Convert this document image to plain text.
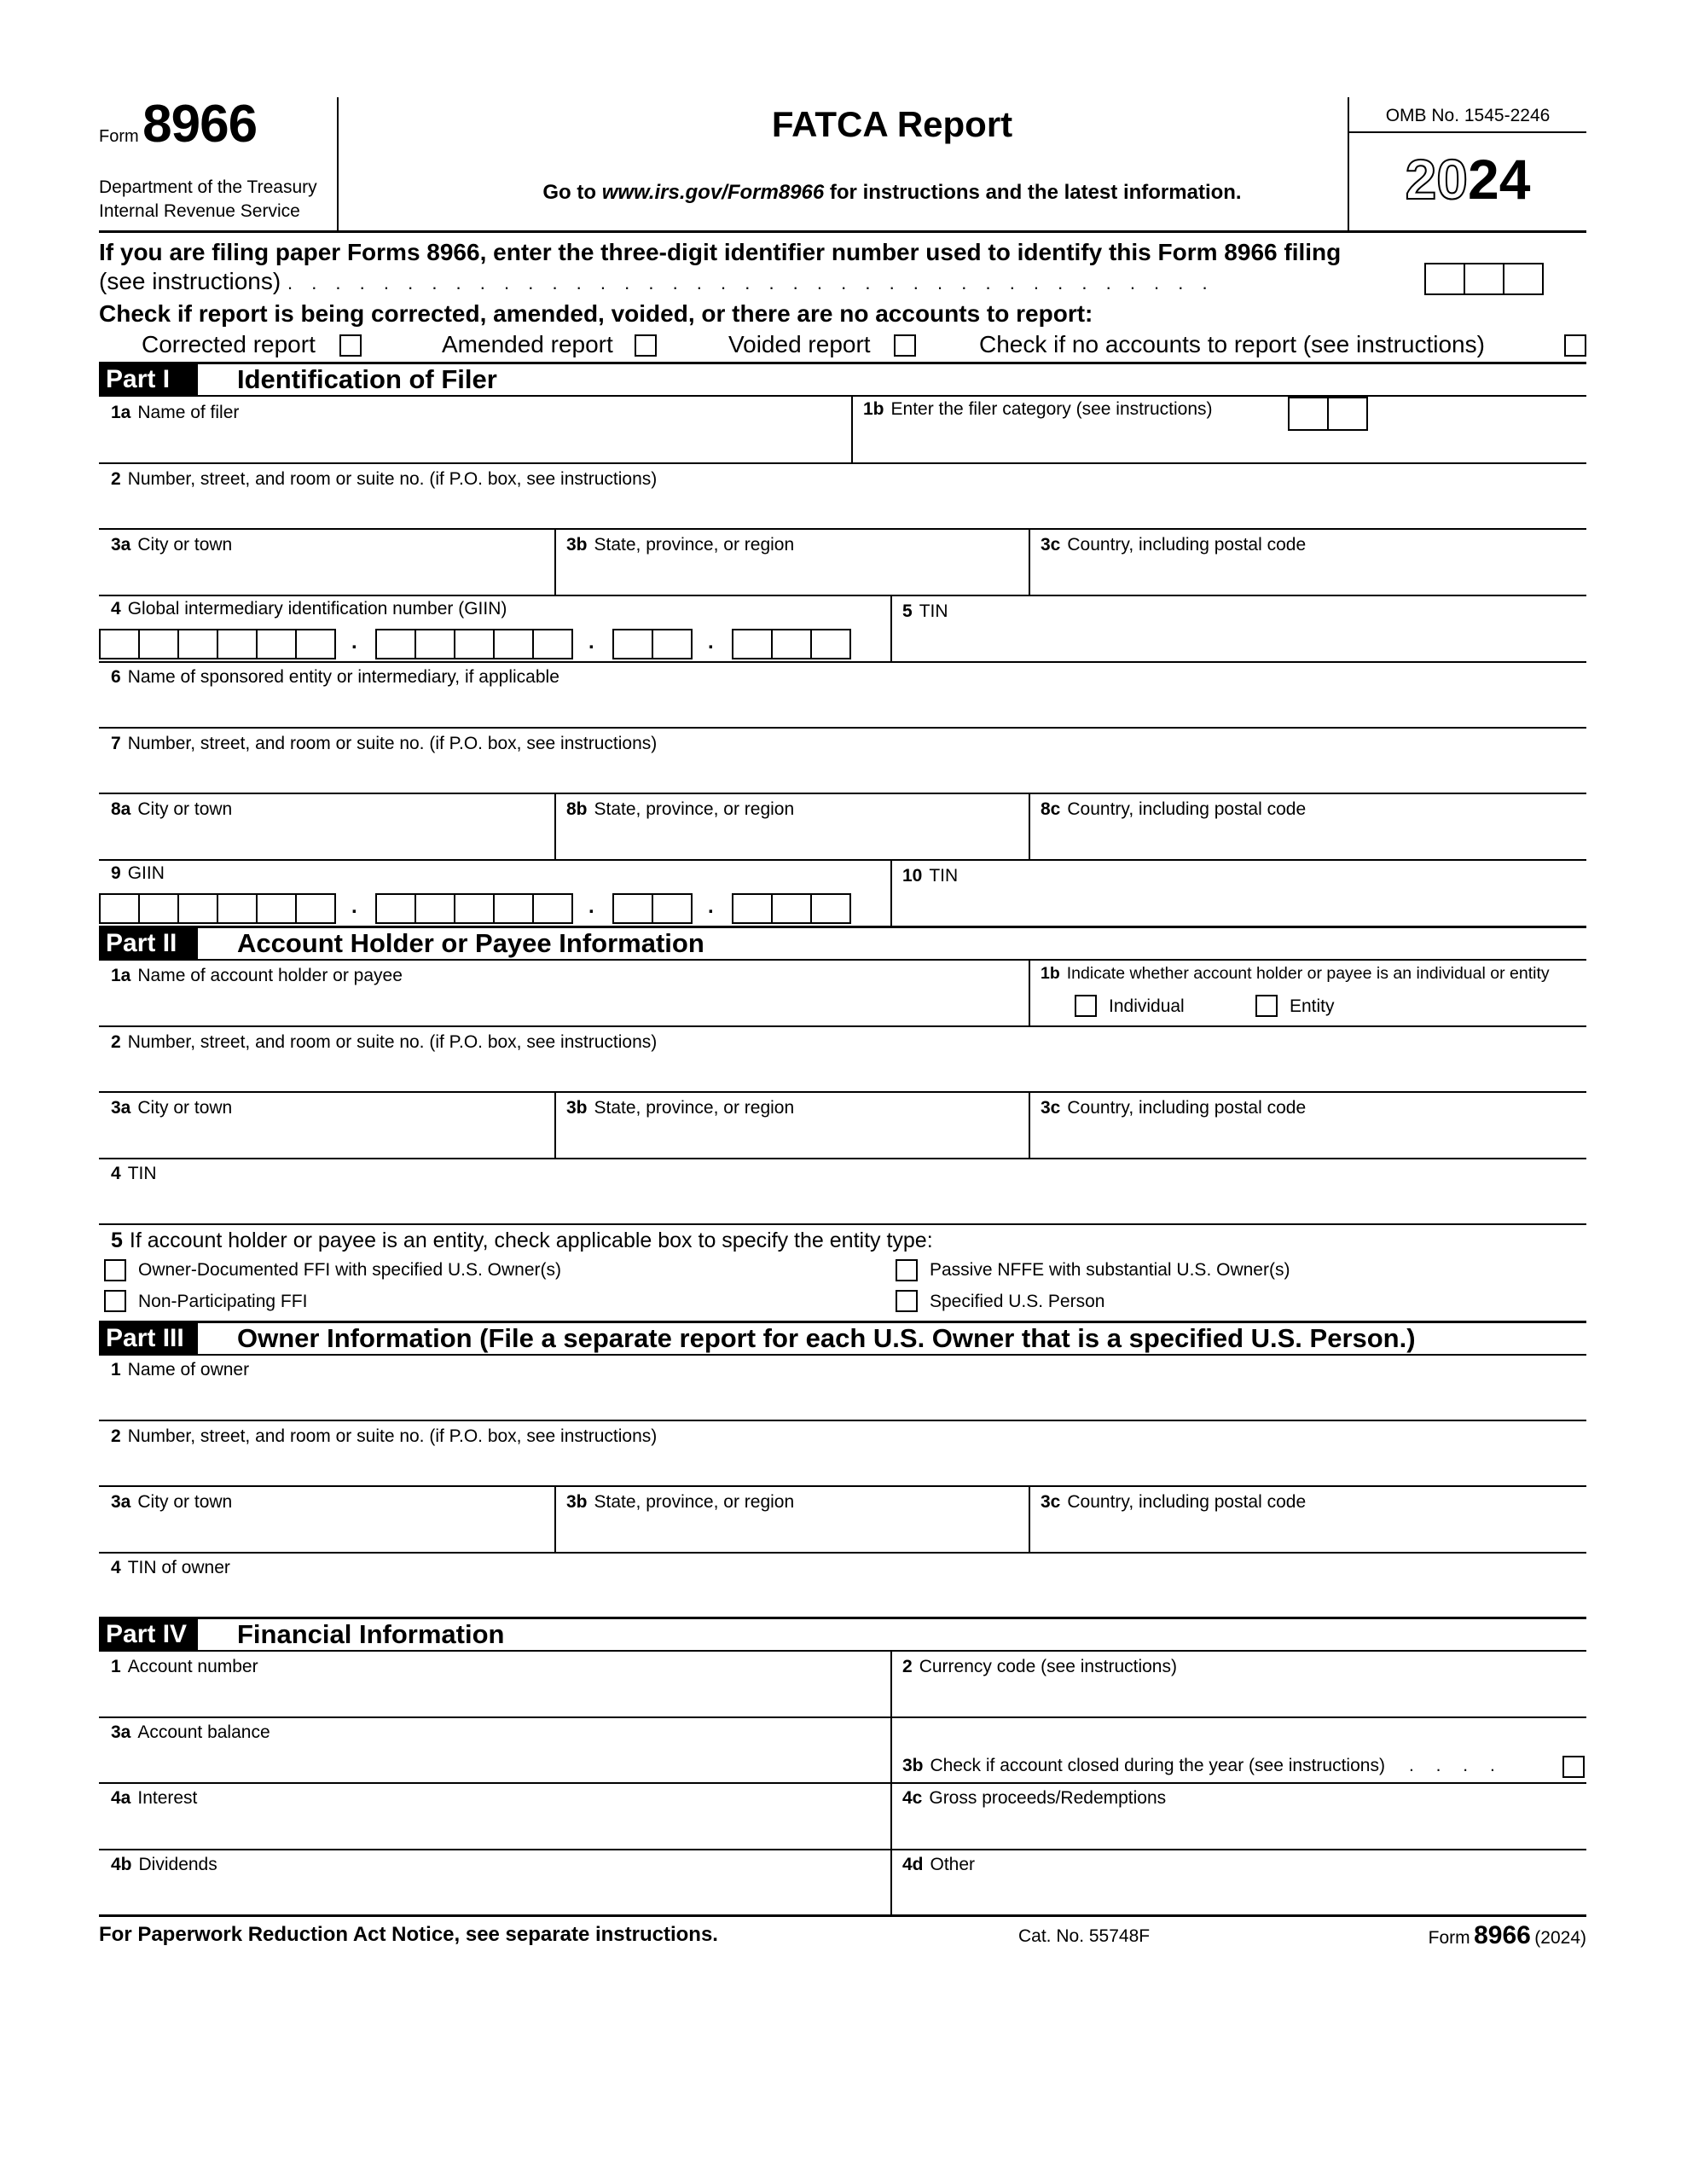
Form 8966
Department of the Treasury
Internal Revenue Service
FATCA Report
Go to www.irs.gov/Form8966 for instructions and the latest information.
OMB No. 1545-2246
2024
If you are filing paper Forms 8966, enter the three-digit identifier number used to identify this Form 8966 filing
(see instructions) . . . . . . . . . . . . . . . . . . . . . . . . . . . . . . . . . . . . . . .
Check if report is being corrected, amended, voided, or there are no accounts to report:
Corrected report	Amended report	Voided report	Check if no accounts to report (see instructions)
Part I	Identification of Filer
1a Name of filer	1b Enter the filer category (see instructions)
2 Number, street, and room or suite no. (if P.O. box, see instructions)
3a City or town	3b State, province, or region	3c Country, including postal code
4 Global intermediary identification number (GIIN)	5 TIN
.	.	.
6 Name of sponsored entity or intermediary, if applicable
7 Number, street, and room or suite no. (if P.O. box, see instructions)
8a City or town	8b State, province, or region	8c Country, including postal code
9 GIIN	10 TIN
.	.	.
Part II	Account Holder or Payee Information
1a Name of account holder or payee	1b Indicate whether account holder or payee is an individual or entity
Individual	Entity
2 Number, street, and room or suite no. (if P.O. box, see instructions)
3a City or town	3b State, province, or region	3c Country, including postal code
4 TIN
5 If account holder or payee is an entity, check applicable box to specify the entity type:
Owner-Documented FFI with specified U.S. Owner(s)	Passive NFFE with substantial U.S. Owner(s)
Non-Participating FFI	Specified U.S. Person
Part III	Owner Information (File a separate report for each U.S. Owner that is a specified U.S. Person.)
1 Name of owner
2 Number, street, and room or suite no. (if P.O. box, see instructions)
3a City or town	3b State, province, or region	3c Country, including postal code
4 TIN of owner
Part IV	Financial Information
1 Account number	2 Currency code (see instructions)
3a Account balance
3b Check if account closed during the year (see instructions) . . . .
4a Interest	4c Gross proceeds/Redemptions
4b Dividends	4d Other
For Paperwork Reduction Act Notice, see separate instructions.	Cat. No. 55748F	Form 8966 (2024)
